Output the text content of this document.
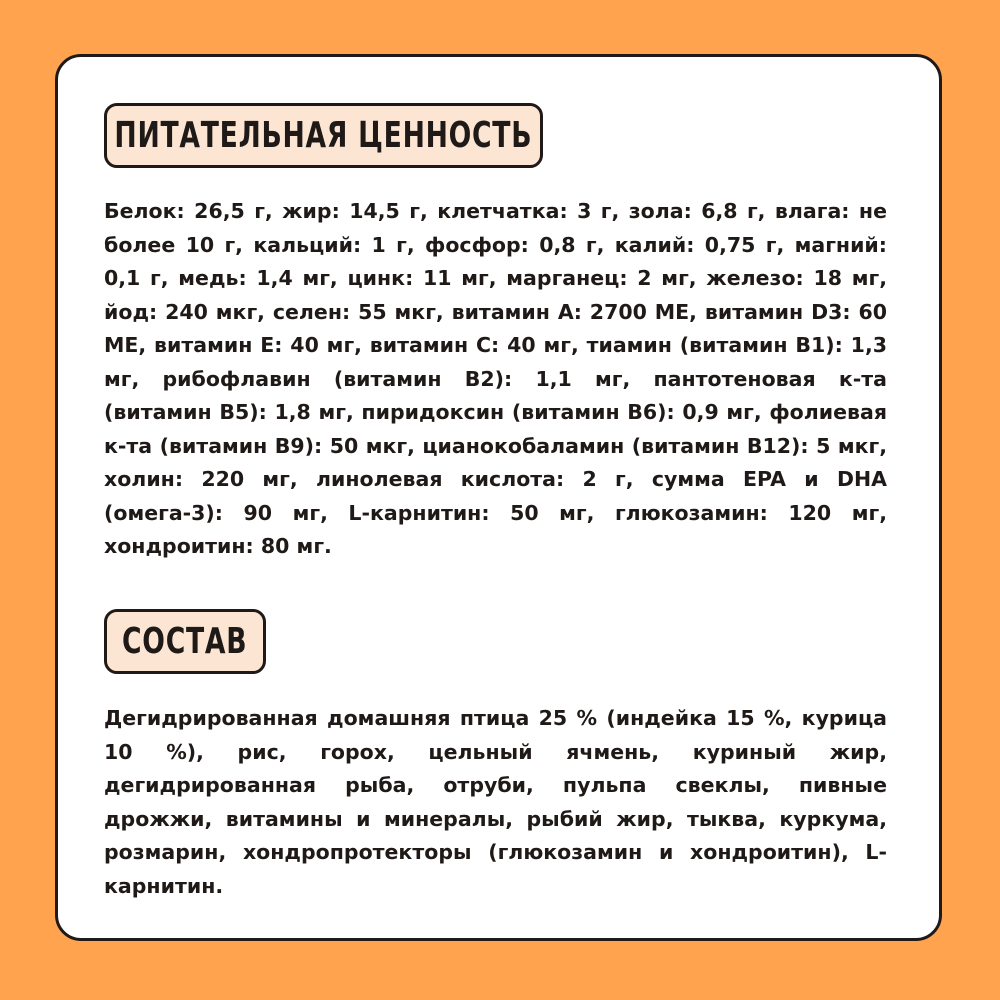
ПИТАТЕЛЬНАЯ ЦЕННОСТЬ
Белок: 26,5 г, жир: 14,5 г, клетчатка: 3 г, зола: 6,8 г, влага: не более 10 г, кальций: 1 г, фосфор: 0,8 г, калий: 0,75 г, магний: 0,1 г, медь: 1,4 мг, цинк: 11 мг, марганец: 2 мг, железо: 18 мг, йод: 240 мкг, селен: 55 мкг, витамин А: 2700 МЕ, витамин D3: 60 МЕ, витамин Е: 40 мг, витамин С: 40 мг, тиамин (витамин В1): 1,3 мг, рибофлавин (витамин В2): 1,1 мг, пантотеновая к-та (витамин В5): 1,8 мг, пиридоксин (витамин В6): 0,9 мг, фолиевая к-та (витамин В9): 50 мкг, цианокобаламин (витамин В12): 5 мкг, холин: 220 мг, линолевая кислота: 2 г, сумма EPA и DHA (омега-3): 90 мг, L-карнитин: 50 мг, глюкозамин: 120 мг, хондроитин: 80 мг.
СОСТАВ
Дегидрированная домашняя птица 25 % (индейка 15 %, курица 10 %), рис, горох, цельный ячмень, куриный жир, дегидрированная рыба, отруби, пульпа свеклы, пивные дрожжи, витамины и минералы, рыбий жир, тыква, куркума, розмарин, хондропротекторы (глюкозамин и хондроитин), L-карнитин.
